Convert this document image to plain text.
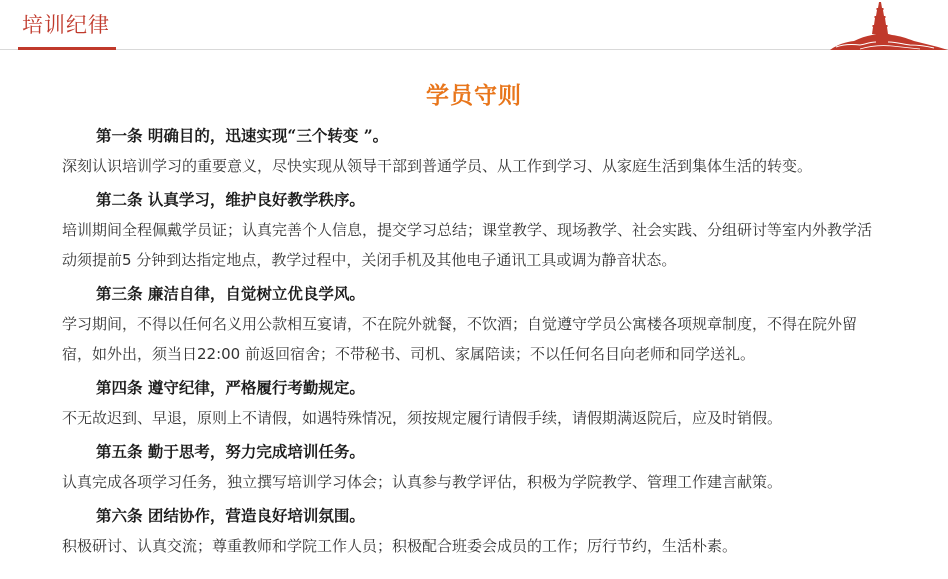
培训纪律
学员守则
第一条 明确目的，迅速实现“三个转变 ”。
深刻认识培训学习的重要意义，尽快实现从领导干部到普通学员、从工作到学习、从家庭生活到集体生活的转变。
第二条 认真学习，维护良好教学秩序。
培训期间全程佩戴学员证；认真完善个人信息，提交学习总结；课堂教学、现场教学、社会实践、分组研讨等室内外教学活动须提前5 分钟到达指定地点，教学过程中，关闭手机及其他电子通讯工具或调为静音状态。
第三条 廉洁自律，自觉树立优良学风。
学习期间，不得以任何名义用公款相互宴请，不在院外就餐，不饮酒；自觉遵守学员公寓楼各项规章制度，不得在院外留宿，如外出，须当日22:00 前返回宿舍；不带秘书、司机、家属陪读；不以任何名目向老师和同学送礼。
第四条 遵守纪律，严格履行考勤规定。
不无故迟到、早退，原则上不请假，如遇特殊情况，须按规定履行请假手续，请假期满返院后，应及时销假。
第五条 勤于思考，努力完成培训任务。
认真完成各项学习任务，独立撰写培训学习体会；认真参与教学评估，积极为学院教学、管理工作建言献策。
第六条 团结协作，营造良好培训氛围。
积极研讨、认真交流；尊重教师和学院工作人员；积极配合班委会成员的工作；厉行节约，生活朴素。
